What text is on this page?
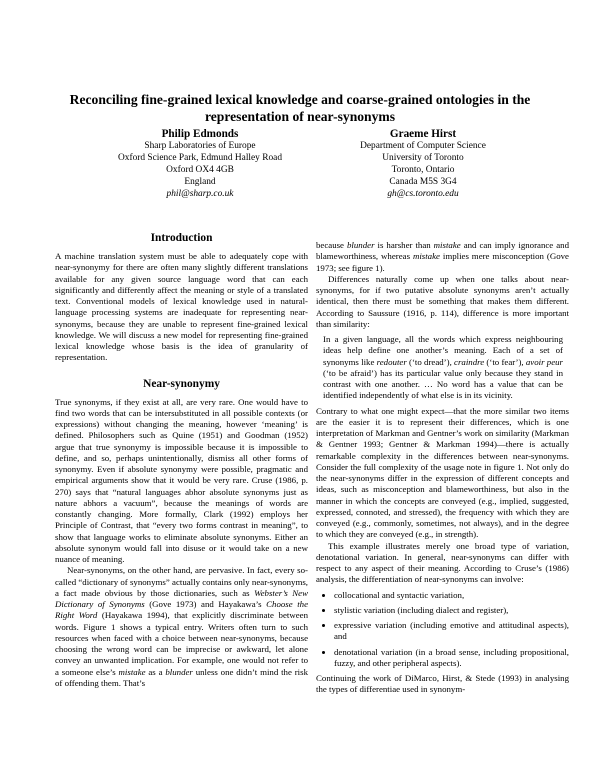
Reconciling fine-grained lexical knowledge and coarse-grained ontologies in the
representation of near-synonyms
Philip Edmonds
Sharp Laboratories of Europe
Oxford Science Park, Edmund Halley Road
Oxford OX4 4GB
England
phil@sharp.co.uk
Graeme Hirst
Department of Computer Science
University of Toronto
Toronto, Ontario
Canada M5S 3G4
gh@cs.toronto.edu
Introduction

A machine translation system must be able to adequately cope with near-synonymy for there are often many slightly different translations available for any given source language word that can each significantly and differently affect the meaning or style of a translated text. Conventional models of lexical knowledge used in natural-language processing systems are inadequate for representing near-synonyms, because they are unable to represent fine-grained lexical knowledge. We will discuss a new model for representing fine-grained lexical knowledge whose basis is the idea of granularity of representation.

Near-synonymy

True synonyms, if they exist at all, are very rare. One would have to find two words that can be intersubstituted in all possible contexts (or expressions) without changing the meaning, however ‘meaning’ is defined. Philosophers such as Quine (1951) and Goodman (1952) argue that true synonymy is impossible because it is impossible to define, and so, perhaps unintentionally, dismiss all other forms of synonymy. Even if absolute synonymy were possible, pragmatic and empirical arguments show that it would be very rare. Cruse (1986, p. 270) says that “natural languages abhor absolute synonyms just as nature abhors a vacuum”, because the meanings of words are constantly changing. More formally, Clark (1992) employs her Principle of Contrast, that “every two forms contrast in meaning”, to show that language works to eliminate absolute synonyms. Either an absolute synonym would fall into disuse or it would take on a new nuance of meaning.

Near-synonyms, on the other hand, are pervasive. In fact, every so-called “dictionary of synonyms” actually contains only near-synonyms, a fact made obvious by those dictionaries, such as Webster’s New Dictionary of Synonyms (Gove 1973) and Hayakawa’s Choose the Right Word (Hayakawa 1994), that explicitly discriminate between words. Figure 1 shows a typical entry. Writers often turn to such resources when faced with a choice between near-synonyms, because choosing the wrong word can be imprecise or awkward, let alone convey an unwanted implication. For example, one would not refer to a someone else’s mistake as a blunder unless one didn’t mind the risk of offending them. That’s

because blunder is harsher than mistake and can imply ignorance and blameworthiness, whereas mistake implies mere misconception (Gove 1973; see figure 1).

Differences naturally come up when one talks about near-synonyms, for if two putative absolute synonyms aren’t actually identical, then there must be something that makes them different. According to Saussure (1916, p. 114), difference is more important than similarity:

In a given language, all the words which express neighbouring ideas help define one another’s meaning. Each of a set of synonyms like redouter (‘to dread’), craindre (‘to fear’), avoir peur (‘to be afraid’) has its particular value only because they stand in contrast with one another. … No word has a value that can be identified independently of what else is in its vicinity.

Contrary to what one might expect—that the more similar two items are the easier it is to represent their differences, which is one interpretation of Markman and Gentner’s work on similarity (Markman & Gentner 1993; Gentner & Markman 1994)—there is actually remarkable complexity in the differences between near-synonyms. Consider the full complexity of the usage note in figure 1. Not only do the near-synonyms differ in the expression of different concepts and ideas, such as misconception and blameworthiness, but also in the manner in which the concepts are conveyed (e.g., implied, suggested, expressed, connoted, and stressed), the frequency with which they are conveyed (e.g., commonly, sometimes, not always), and in the degree to which they are conveyed (e.g., in strength).

This example illustrates merely one broad type of variation, denotational variation. In general, near-synonyms can differ with respect to any aspect of their meaning. According to Cruse’s (1986) analysis, the differentiation of near-synonyms can involve:

• collocational and syntactic variation,
• stylistic variation (including dialect and register),
• expressive variation (including emotive and attitudinal aspects), and
• denotational variation (in a broad sense, including propositional, fuzzy, and other peripheral aspects).

Continuing the work of DiMarco, Hirst, & Stede (1993) in analysing the types of differentiae used in synonym-
